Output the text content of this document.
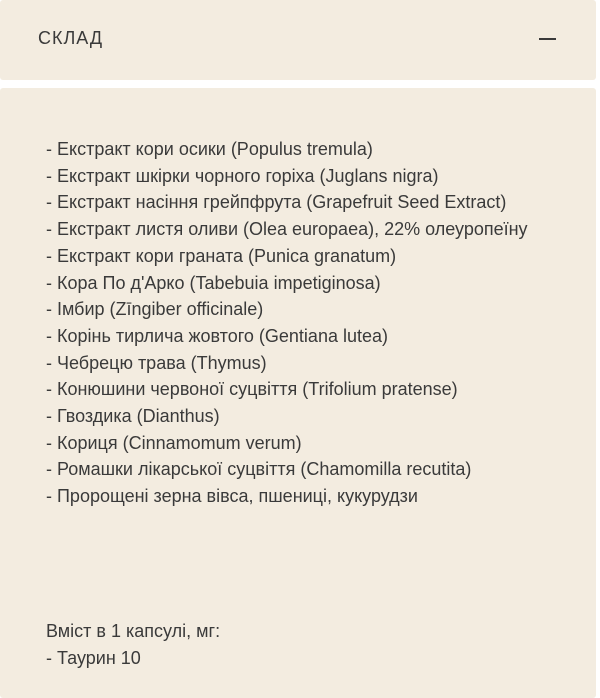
СКЛАД
- Екстракт кори осики (Populus tremula)
- Екстракт шкірки чорного горіха (Juglans nigra)
- Екстракт насіння грейпфрута (Grapefruit Seed Extract)
- Екстракт листя оливи (Olea europaea), 22% олеуропеїну
- Екстракт кори граната (Punica granatum)
- Кора По д'Арко (Tabebuia impetiginosa)
- Імбир (Zīngiber officinale)
- Корінь тирлича жовтого (Gentiana lutea)
- Чебрецю трава (Thymus)
- Конюшини червоної суцвіття (Trifolium pratense)
- Гвоздика (Dianthus)
- Кориця (Cinnamomum verum)
- Ромашки лікарської суцвіття (Chamomilla recutita)
- Пророщені зерна вівса, пшениці, кукурудзи
Вміст в 1 капсулі, мг:
- Таурин 10
